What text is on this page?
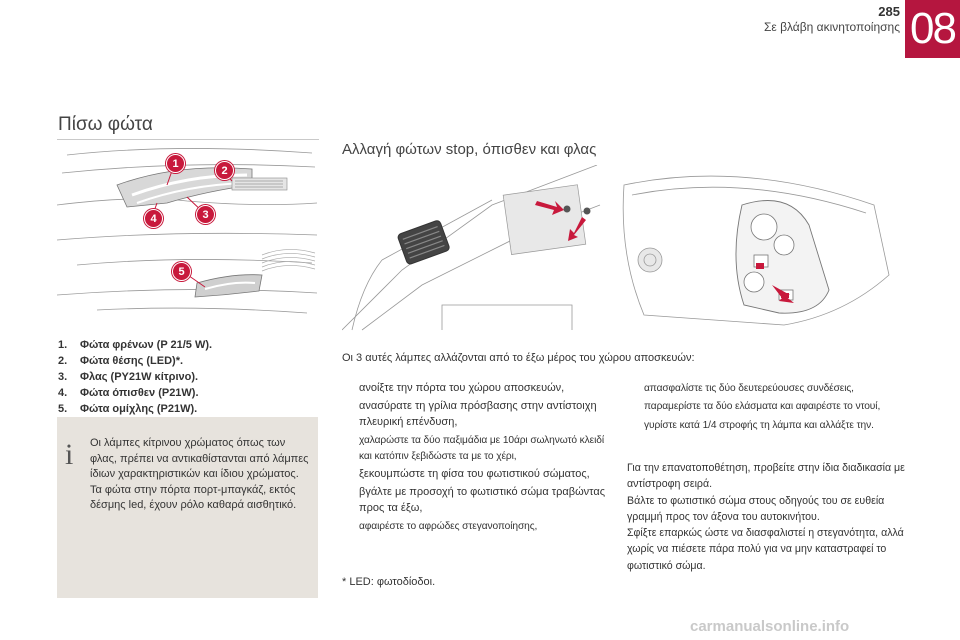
285
Σε βλάβη ακινητοποίησης 08
Πίσω φώτα
Αλλαγή φώτων stop, όπισθεν και φλας
1
2
3
4
5
1.	Φώτα φρένων (P 21/5 W).
2.	Φώτα θέσης (LED)*.
3.	Φλας (PY21W κίτρινο).
4.	Φώτα όπισθεν (P21W).
5.	Φώτα ομίχλης (P21W).
i Οι λάμπες κίτρινου χρώματος όπως των φλας, πρέπει να αντικαθίστανται από λάμπες ίδιων χαρακτηριστικών και ίδιου χρώματος.
Τα φώτα στην πόρτα πορτ-μπαγκάζ, εκτός δέσμης led, έχουν ρόλο καθαρά αισθητικό.
Οι 3 αυτές λάμπες αλλάζονται από το έξω μέρος του χώρου αποσκευών:
ανοίξτε την πόρτα του χώρου αποσκευών,
ανασύρατε τη γρίλια πρόσβασης στην αντίστοιχη πλευρική επένδυση,
χαλαρώστε τα δύο παξιμάδια με 10άρι σωληνωτό κλειδί και κατόπιν ξεβιδώστε τα με το χέρι,
ξεκουμπώστε τη φίσα του φωτιστικού σώματος,
βγάλτε με προσοχή το φωτιστικό σώμα τραβώντας προς τα έξω,
αφαιρέστε το αφρώδες στεγανοποίησης,
απασφαλίστε τις δύο δευτερεύουσες συνδέσεις,
παραμερίστε τα δύο ελάσματα και αφαιρέστε το ντουί,
γυρίστε κατά 1/4 στροφής τη λάμπα και αλλάξτε την.
Για την επανατοποθέτηση, προβείτε στην ίδια διαδικασία με αντίστροφη σειρά.
Βάλτε το φωτιστικό σώμα στους οδηγούς του σε ευθεία γραμμή προς τον άξονα του αυτοκινήτου.
Σφίξτε επαρκώς ώστε να διασφαλιστεί η στεγανότητα, αλλά χωρίς να πιέσετε πάρα πολύ για να μην καταστραφεί το φωτιστικό σώμα.
* LED: φωτοδίοδοι.
carmanualsonline.info
